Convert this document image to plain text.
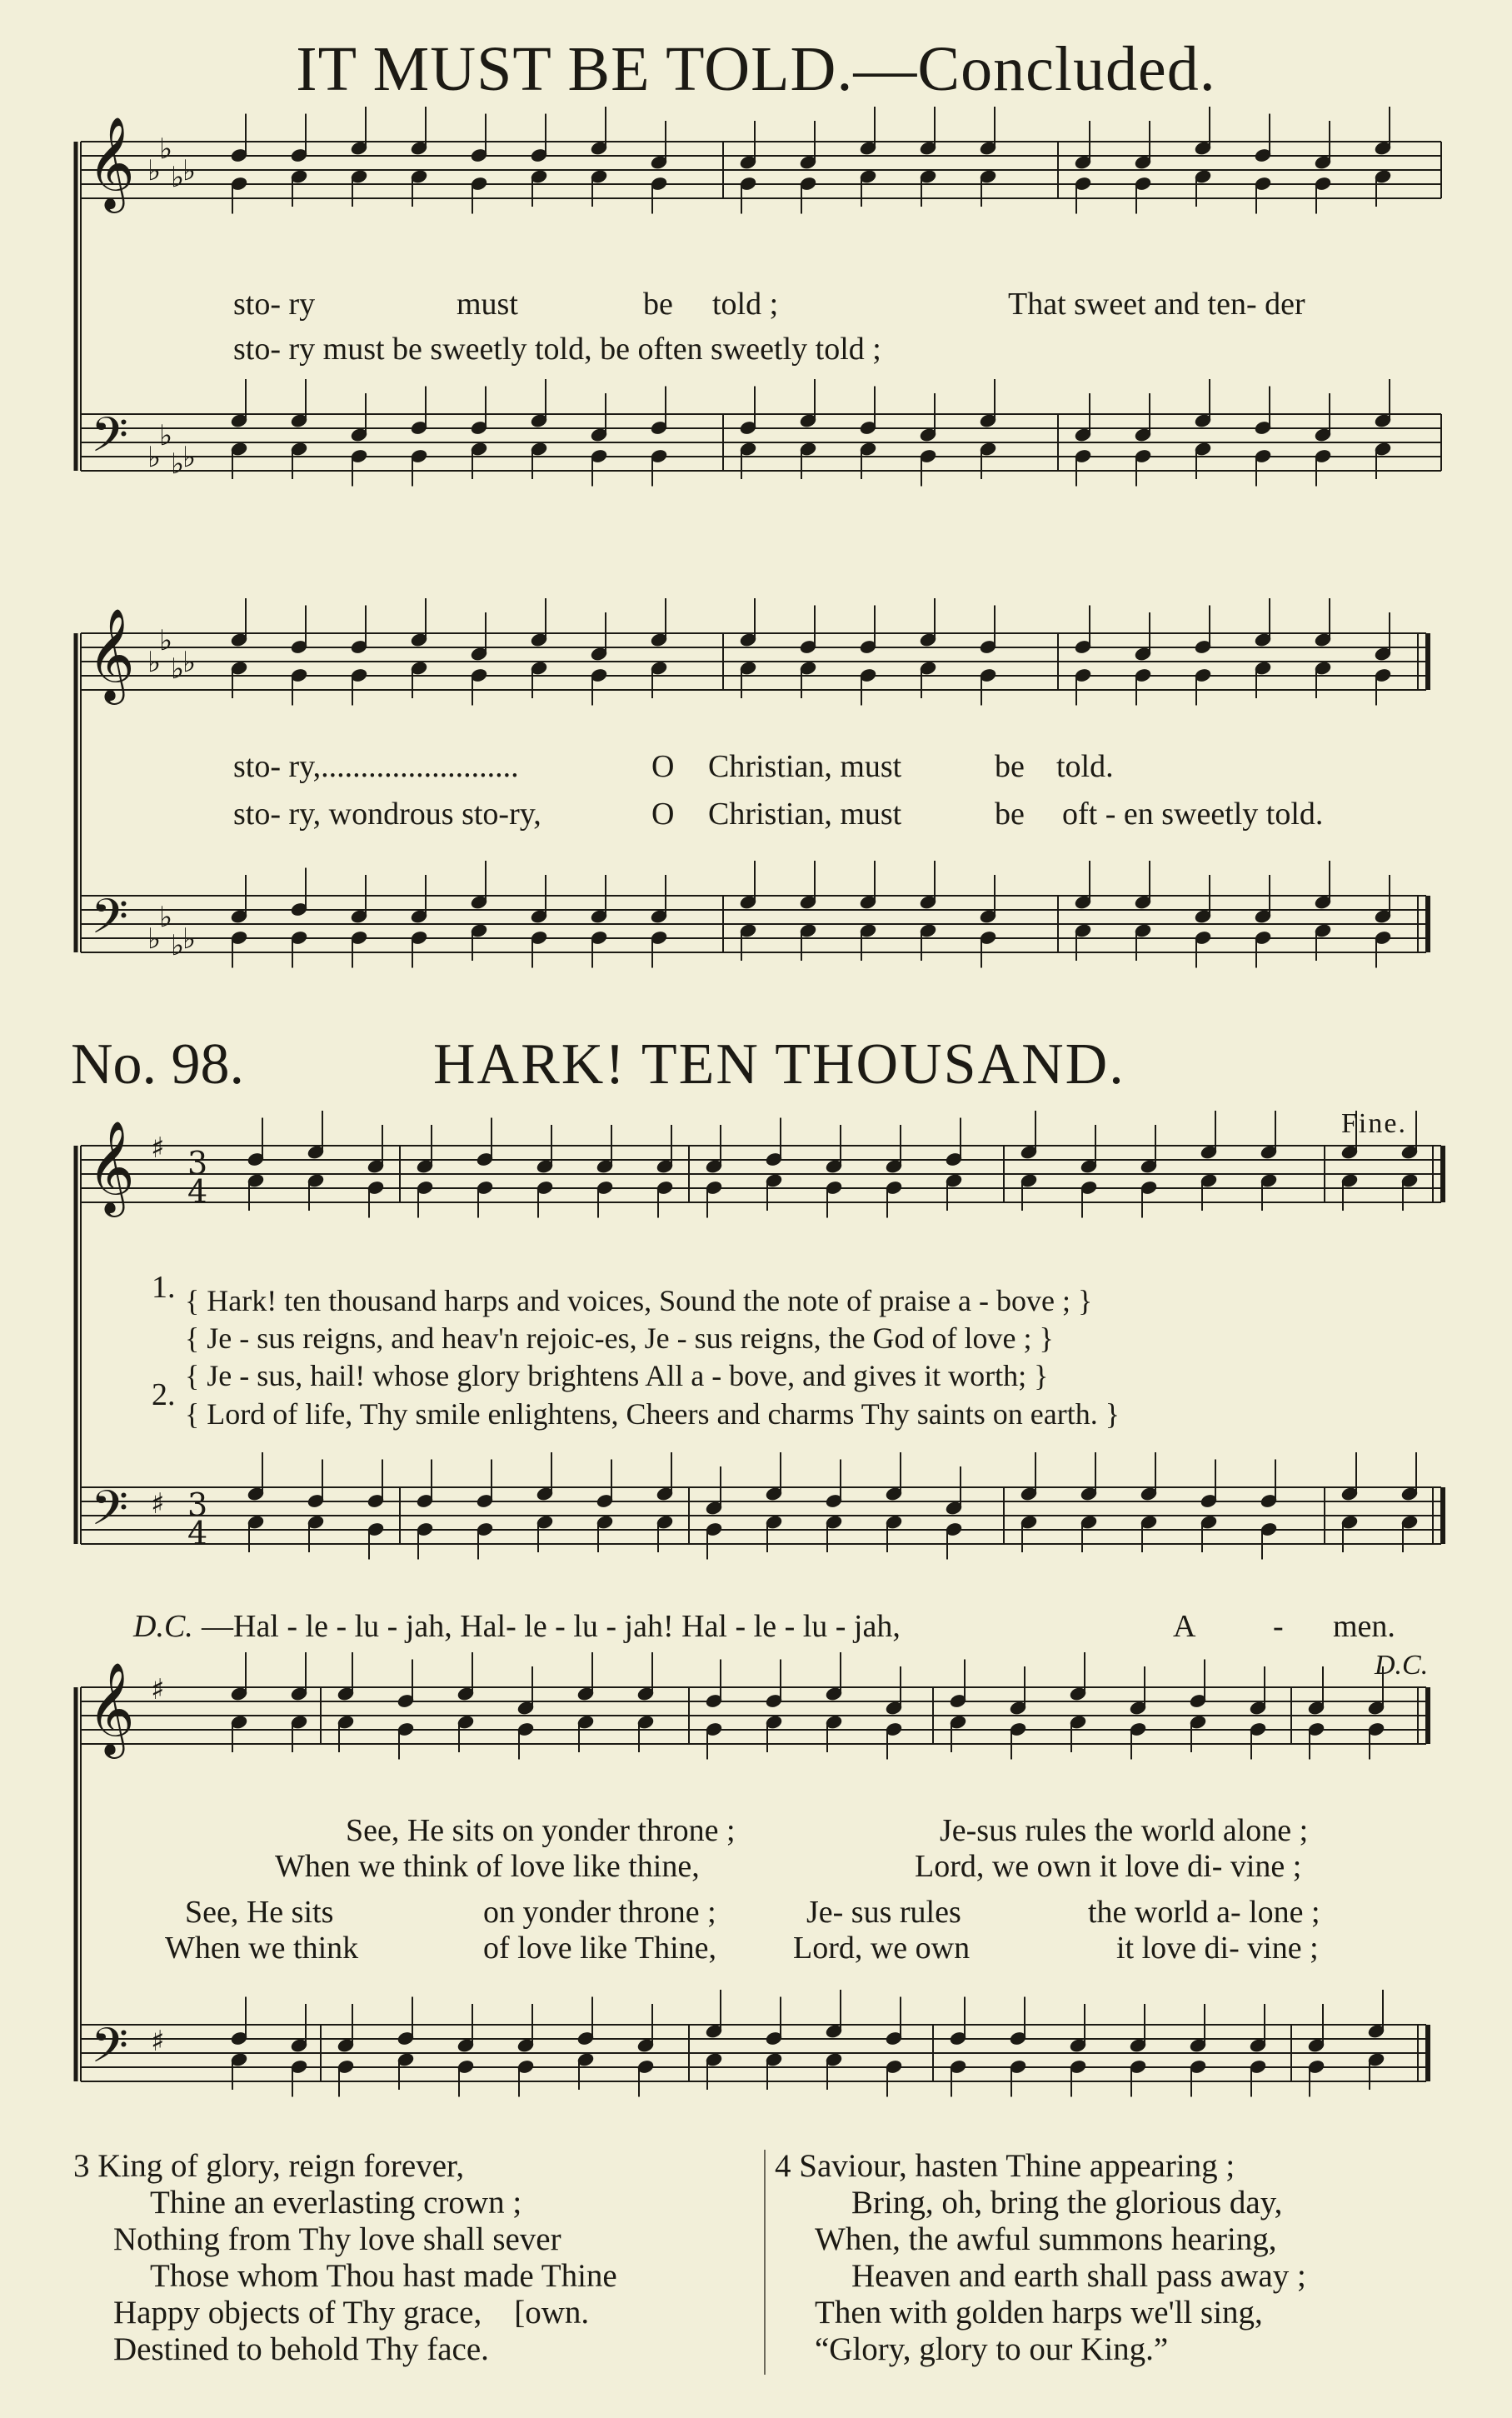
𝄞
𝄢
♭
♭
♭
♭
♭
♭
♭
♭
𝄞
𝄢
♭
♭
♭
♭
♭
♭
♭
♭
𝄞
𝄢
♯
♯
3
4
3
4
𝄞
𝄢
♯
♯
IT MUST BE TOLD.—Concluded.
sto- ry	must	be told ;	That sweet and ten- der
sto- ry must be sweetly told, be often sweetly told ;
sto- ry,.........................	O Christian, must	be told.
sto- ry, wondrous sto-ry,	O Christian, must	be oft - en sweetly told.
No. 98.	HARK! TEN THOUSAND.
Fine.
1. { Hark! ten thousand harps and voices, Sound the note of praise a - bove ; }
{ Je - sus reigns, and heav'n rejoic-es, Je - sus reigns, the God of love ; }
2.
{ Je - sus, hail! whose glory brightens All a - bove, and gives it worth; }
{ Lord of life, Thy smile enlightens, Cheers and charms Thy saints on earth. }
D.C. —Hal - le - lu - jah, Hal- le - lu - jah! Hal - le - lu - jah,	A - men.
D.C.
See, He sits on yonder throne ;
When we think of love like thine,
Je-sus rules the world alone ;
Lord, we own it love di- vine ;
See, He sits	on yonder throne ;	Je- sus rules	the world a- lone ;
When we think	of love like Thine, Lord, we own	it love di- vine ;
3 King of glory, reign forever,
Thine an everlasting crown ;
Nothing from Thy love shall sever
Those whom Thou hast made Thine
Happy objects of Thy grace,    [own.
Destined to behold Thy face.
4 Saviour, hasten Thine appearing ;
Bring, oh, bring the glorious day,
When, the awful summons hearing,
Heaven and earth shall pass away ;
Then with golden harps we'll sing,
“Glory, glory to our King.”
